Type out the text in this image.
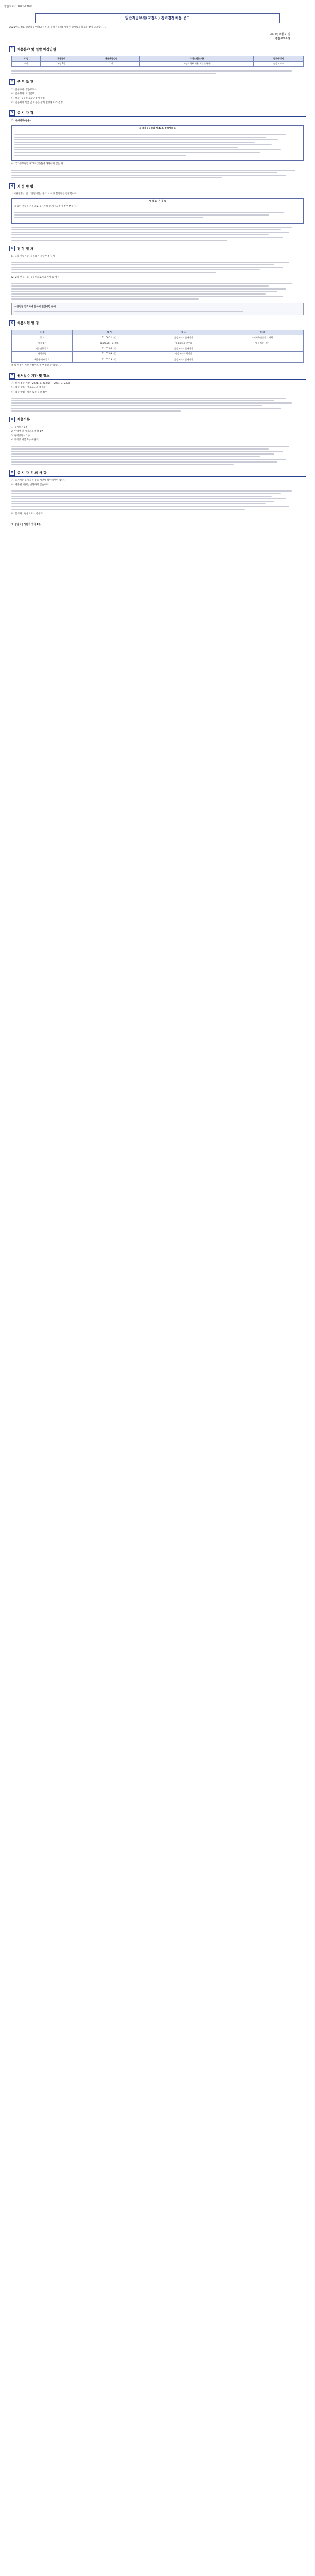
정읍교도소 2021-238호
일반직공무원(교정직) 경력경쟁채용 공고
2021년도 정읍 일반직공무원(교정직)의 경력경쟁채용시험 시험계획을 다음과 같이 공고합니다.
2021년 6월 21일
정읍교도소장
1	채용분야 및 선발 예정인원
직 렬	채용분야	채용예정인원	자격요건(요약)	근무예정지
교정	교정 9급	1명	교정직 경력채용 요건 충족자	정읍교도소
2	근 무 조 건
가. 근무부서: 정읍교도소
나. 근무형태: 교대근무
다. 보수: 공무원 보수규정에 따름
라. 임용예정 직급 및 호봉은 관계 법령에 따라 결정
3	응 시 자 격
가. 응시자격(공통)
< 국가공무원법 제33조 결격사유 >
나. 국가공무원법 제74조(정년)에 해당하지 않는 자
4	시 험 방 법
「서류전형」 및 「면접시험」을 거쳐 최종 합격자를 결정합니다.
자 격 요 건 검 토
제출된 서류를 기준으로 응시자격 및 자격요건 충족 여부를 심사
5	전 형 절 차
(1) 1차 서류전형: 자격요건 적합 여부 심사
(2) 2차 면접시험: 공무원으로서의 자세 등 평정
서류전형 합격자에 한하여 면접시험 응시
6	채용시험 일 정
구 분	일 자	장 소	비 고
공고	21.06.21.(월)	정읍교도소 홈페이지	사이버국민신문고 병행
원서접수	21.06.28.~07.02.	정읍교도소 총무과	방문 또는 우편
서류전형 발표	21.07.06.(화)	정읍교도소 홈페이지	
면접시험	21.07.09.(금)	정읍교도소 회의실	
최종합격자 발표	21.07.13.(화)	정읍교도소 홈페이지	
※ 위 일정은 기관 사정에 따라 변경될 수 있습니다.
7	원서접수 기간 및 장소
가. 원서 접수 기간 : 2021. 6. 28.(월) ~ 2021. 7. 2.(금)
나. 접수 장소 : 정읍교도소 총무과
다. 접수 방법 : 방문 또는 우편 접수
8	제출서류
1. 응시원서 1부
2. 이력서 및 자기소개서 각 1부
3. 경력증명서 1부
4. 자격증 사본 1부(해당자)
9	응 시 자 유 의 사 항
가. 응시자는 응시자격 등을 사전에 확인하여야 합니다.
나. 제출된 서류는 반환하지 않습니다.
다. 문의처 : 정읍교도소 총무과
※ 붙임 : 응시원서 서식 1부.
